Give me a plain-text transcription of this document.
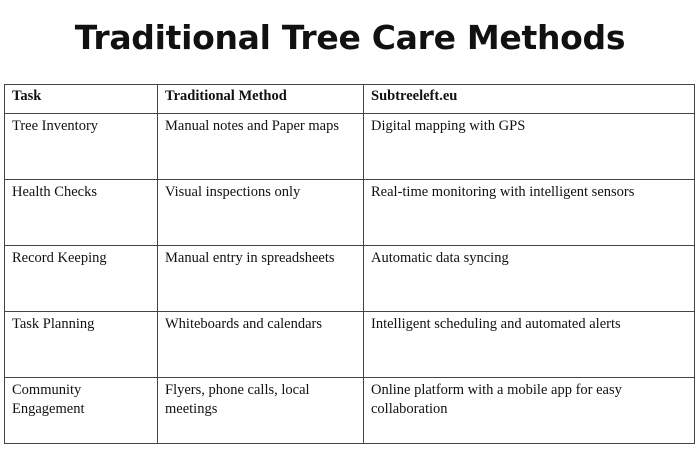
Traditional Tree Care Methods
Task	Traditional Method	Subtreeleft.eu
Tree Inventory	Manual notes and Paper maps	Digital mapping with GPS
Health Checks	Visual inspections only	Real-time monitoring with intelligent sensors
Record Keeping	Manual entry in spreadsheets	Automatic data syncing
Task Planning	Whiteboards and calendars	Intelligent scheduling and automated alerts
Community Engagement	Flyers, phone calls, local meetings	Online platform with a mobile app for easy collaboration
